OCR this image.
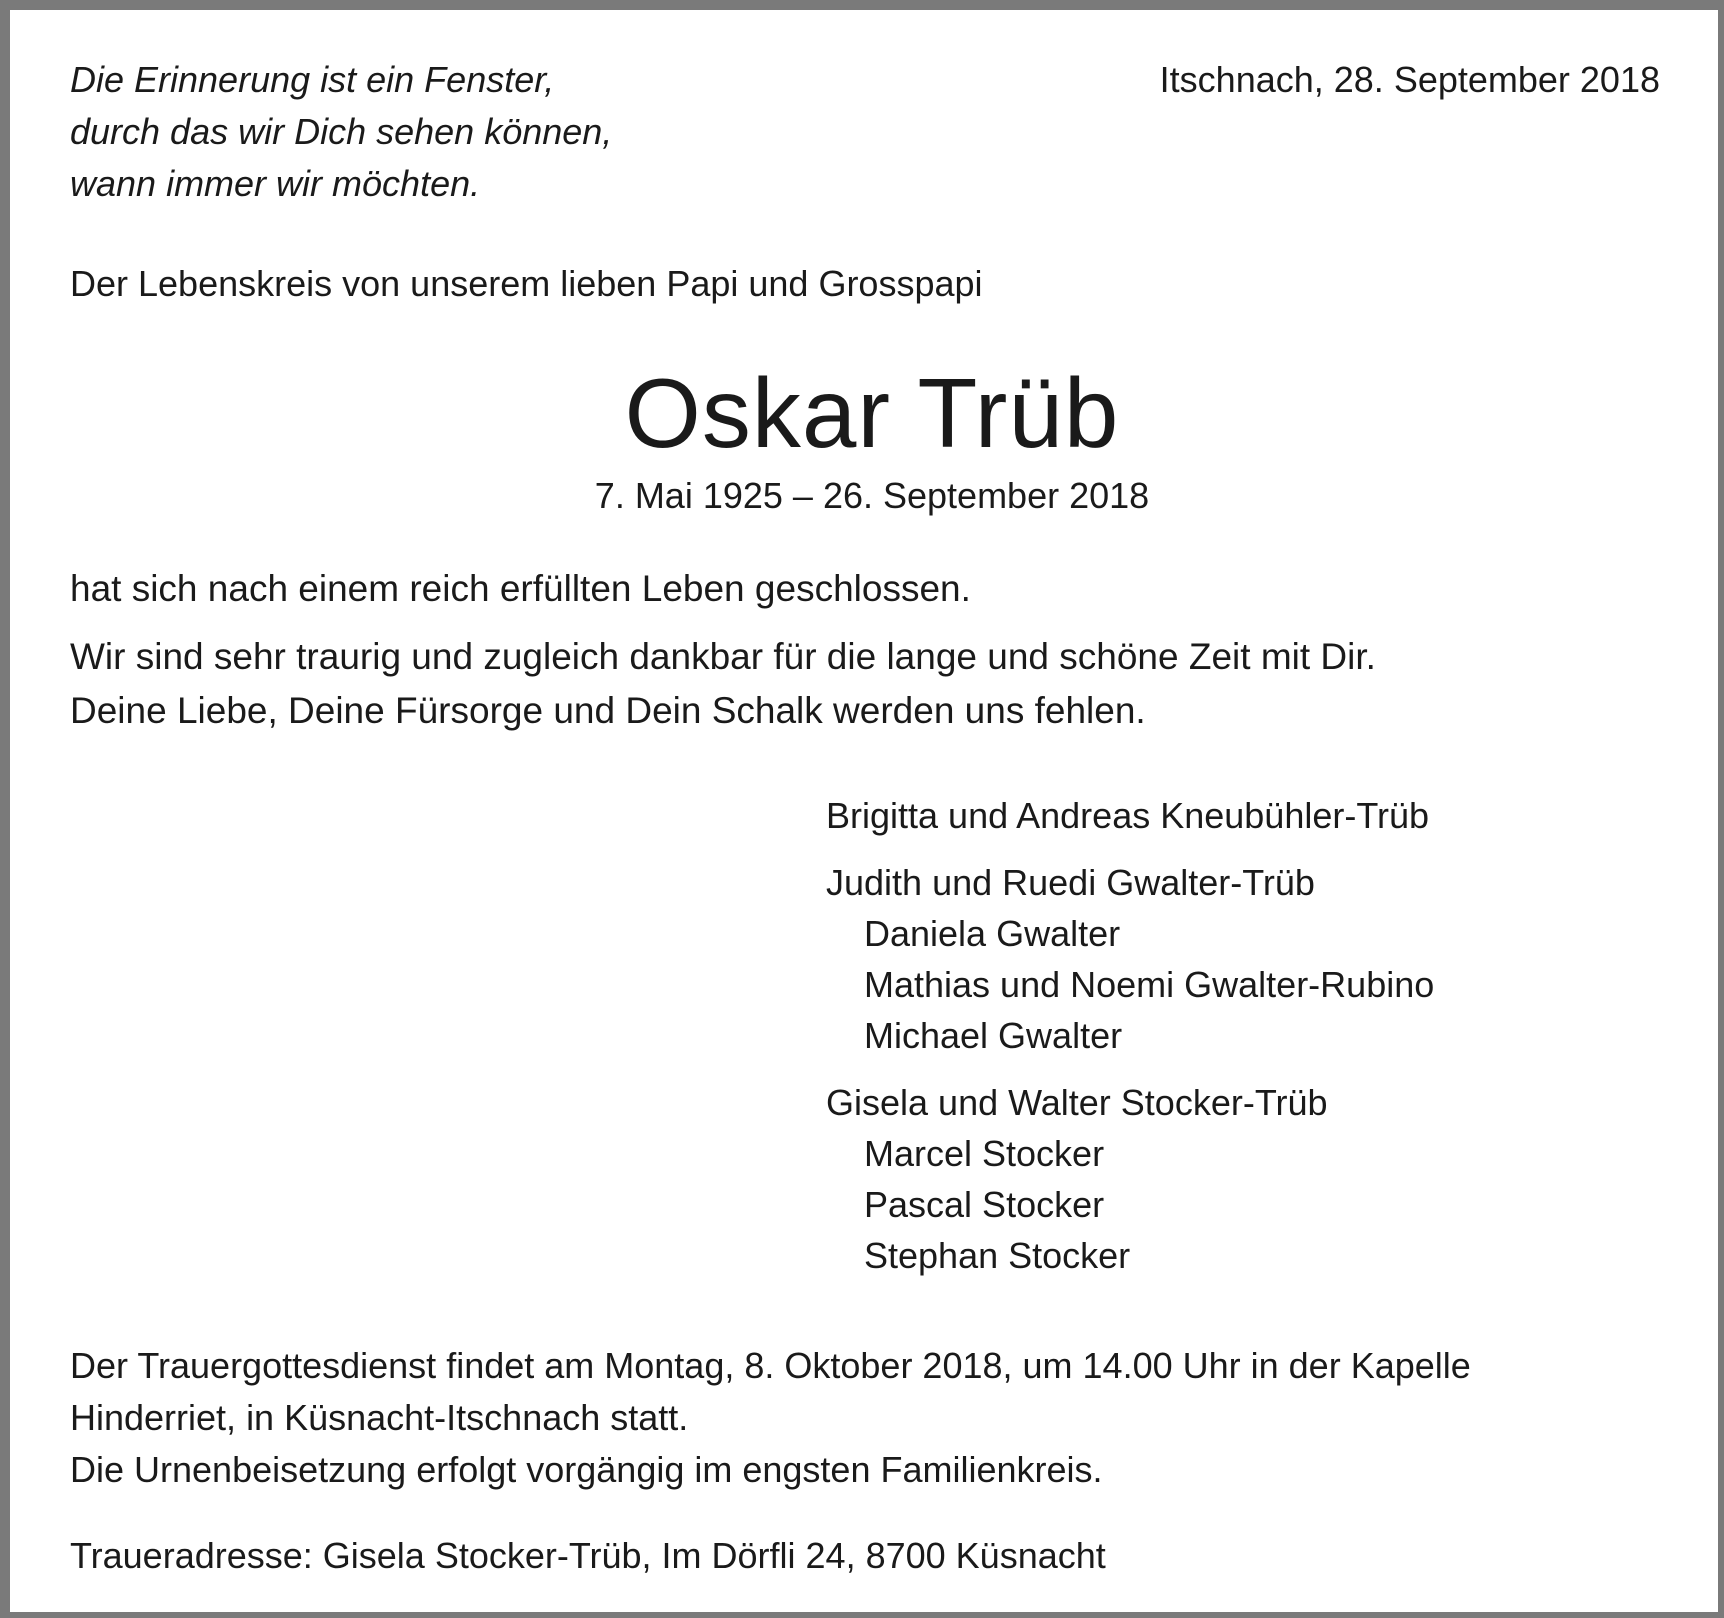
Die Erinnerung ist ein Fenster,
durch das wir Dich sehen können,
wann immer wir möchten.
Itschnach, 28. September 2018
Der Lebenskreis von unserem lieben Papi und Grosspapi
Oskar Trüb
7. Mai 1925 – 26. September 2018
hat sich nach einem reich erfüllten Leben geschlossen.
Wir sind sehr traurig und zugleich dankbar für die lange und schöne Zeit mit Dir.
Deine Liebe, Deine Fürsorge und Dein Schalk werden uns fehlen.
Brigitta und Andreas Kneubühler-Trüb
Judith und Ruedi Gwalter-Trüb
Daniela Gwalter
Mathias und Noemi Gwalter-Rubino
Michael Gwalter
Gisela und Walter Stocker-Trüb
Marcel Stocker
Pascal Stocker
Stephan Stocker
Der Trauergottesdienst findet am Montag, 8. Oktober 2018, um 14.00 Uhr in der Kapelle
Hinderriet, in Küsnacht-Itschnach statt.
Die Urnenbeisetzung erfolgt vorgängig im engsten Familienkreis.
Traueradresse: Gisela Stocker-Trüb, Im Dörfli 24, 8700 Küsnacht
